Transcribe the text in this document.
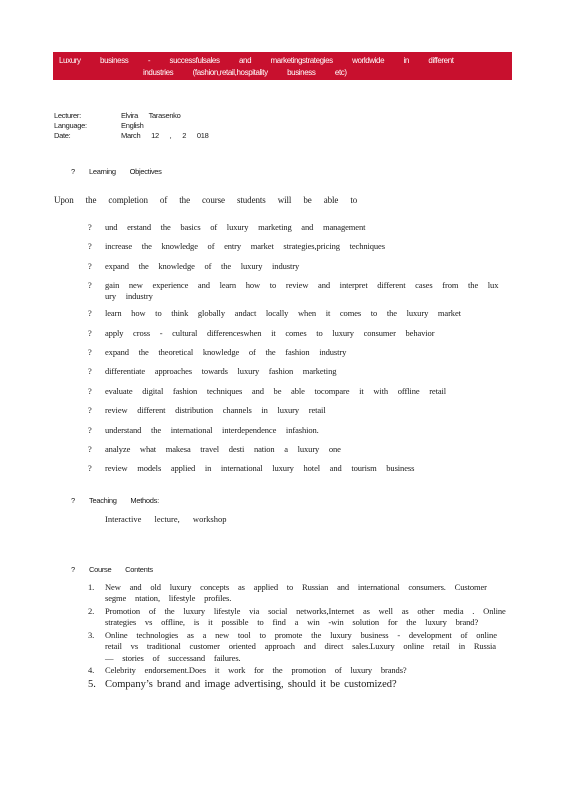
Luxury business - successfulsales and marketingstrategies worldwide in different
industries (fashion,retail,hospitality business etc)
Lecturer:	Elvira Tarasenko
Language:	English
Date:	March 12 , 2 018
? Learning Objectives
Upon the completion of the course students will be able to
? und erstand the basics of luxury marketing and management
? increase the knowledge of entry market strategies,pricing techniques
? expand the knowledge of the luxury industry
? gain new experience and learn how to review and interpret different cases from the lux ury industry
? learn how to think globally andact locally when it comes to the luxury market
? apply cross - cultural differenceswhen it comes to luxury consumer behavior
? expand the theoretical knowledge of the fashion industry
? differentiate approaches towards luxury fashion marketing
? evaluate digital fashion techniques and be able tocompare it with offline retail
? review different distribution channels in luxury retail
? understand the international interdependence infashion.
? analyze what makesa travel desti nation a luxury one
? review models applied in international luxury hotel and tourism business
? Teaching Methods:
Interactive lecture, workshop
? Course Contents
1. New and old luxury concepts as applied to Russian and international consumers. Customer segme ntation, lifestyle profiles.
2. Promotion of the luxury lifestyle via social networks,Internet as well as other media . Online strategies vs offline, is it possible to find a win -win solution for the luxury brand?
3. Online technologies as a new tool to promote the luxury business - development of online retail vs traditional customer oriented approach and direct sales.Luxury online retail in Russia — stories of successand failures.
4. Celebrity endorsement.Does it work for the promotion of luxury brands?
5. Company’s brand and image advertising, should it be customized?
